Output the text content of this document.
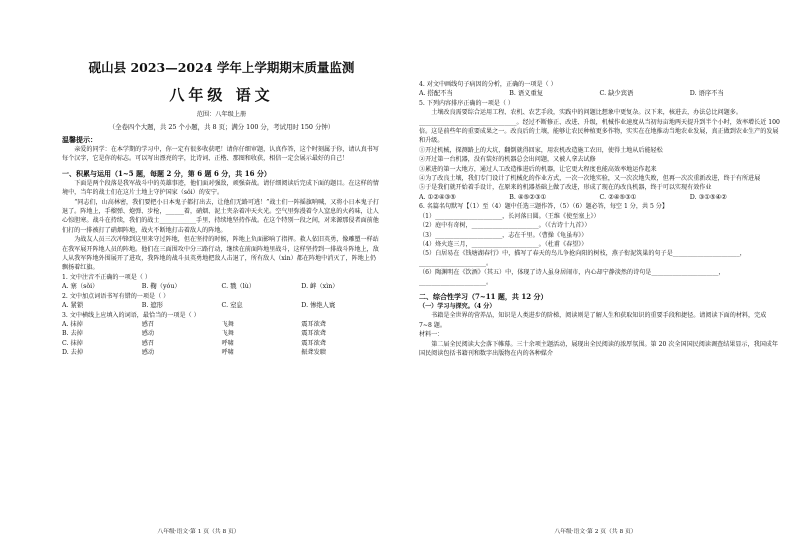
砚山县 2023—2024 学年上学期期末质量监测
八年级 语文
范围：八年级上册
（全卷四个大题，共 25 个小题，共 8 页；满分 100 分，考试用时 150 分钟）
温馨提示：

亲爱的同学：在本学期的学习中，你一定有很多收获吧！请你仔细审题，认真作答，这个时刻属于你，请认真书写每个汉字，它是你的标志。可以写出漂亮的字，比诗词、正楷、那图和收获，相信一定会展示最好的自己！

一、积累与运用（1~5 题，每题 2 分，第 6 题 6 分，共 16 分）

下面是两个段落是我军战斗中的英雄事迹，他们面对强敌，顽强奋战。请仔细阅读后完成下面的题目。在这样的情境中，当年的战士们在这片土地上守护国家（sǒi）的安宁。

“同志们，山高林密，我们要把小日本鬼子都打出去，让他们无路可逃！”战士们一阵摇旗呐喊，又将小日本鬼子打退了。阵地上，手榴弹、炮弹、步枪，______着，硝烟、泥土夹杂着冲天火光。空气里弥漫着令人窒息的火药味，让人心惊胆寒。战斗在持续，我们的战士____________手里，持续地坚持作战。在这个特别一段之间，对来源那侵者面前他们打的一排被打了硝烟阵地，战火不断地打击着敌人的阵地。

为战友人员三次冲锋到这里来守过阵地，但在坚持的时候，阵地上负面影响了指挥。救人依旧英勇，像雕塑一样站在我军展开阵地人员的阵地。他们在三面围攻中分三路行动，继续在前面阵地里战斗，这样坚持到一排战斗阵地上，敌人从我军阵地外围展开了进攻，我阵地的战斗员英勇地把敌人击退了，所有敌人（xìn）都在阵地中消灭了，阵地上仍飘扬着红旗。

1. 文中注音不正确的一项是（ ）

A. 寨（sǒi）	B. 鞠（yóu）	C. 戮（lù）	D. 衅（xìn）

2. 文中加点词语书写有错的一项是（ ）

A. 紧锁	B. 遮形	C. 窒息	D. 惨绝人寰

3. 文中横线上应填入的词语，最恰当的一项是（ ）

A. 抹掉	感召	飞舞	震耳欲聋
B. 去掉	感动	飞舞	震耳欲聋
C. 抹掉	感召	呼啸	震耳欲聋
D. 去掉	感动	呼啸	振聋发聩
八年级·语文·第 1 页（共 8 页）

4. 对文中画线句子病因的分析，正确的一项是（ ）

A. 搭配不当	B. 语义重复	C. 缺少宾语	D. 语序不当

5. 下列内容排序正确的一项是（ ）

土壤改良需要综合运用工程、农机、农艺手段，实践中的问题比想象中更复杂。汉下来，核进去，办法总比问题多。________________________________。经过不断修正、改进、升级，机械作业速度从当初每亩地两天提升到半个小时，效率增长近 100 倍。这是前些年的重要成果之一。改良后的土壤，能够让农民种植更多作物，实实在在地推动当地农业发展，真正做到农业生产的发展和升级。

①开过机械，探测路上的大坑，翻倒就得回家，用农机改造施工农田，使得土地从后能轻松

②开过第一台机器，没有装好的机器总会出问题，又被人拿去试修

③累进的第一大地方，通过人工改造推进后的机器，让它更大程度也能高效率地运作起来

④为了改良土壤，我们专门设计了机械化的作业方式，一次一次地实验，又一次次地失败，但再一次次重新改进，终于有所进展

⑤于是我们就开始着手设计，在原来的机器基础上做了改进，形成了现在的改良机器，终于可以实现有效作业

A. ①②④③⑤	B. ④⑤②③①	C. ②④⑤③①	D. ③①⑤④②

6. 名篇名句默写【（1）至（4）题中任选三题作答，（5）（6）题必答，每空 1 分，共 5 分】

（1）______________________，长河落日圆。（王维《使至塞上》）

（2）庭中有奇树，______________________。（《古诗十九首》）

（3）______________________，志在千里。（曹操《龟虽寿》）

（4）烽火连三月，______________________。（杜甫《春望》）

（5）白居易在《钱塘湖春行》中，描写了春天的鸟儿争抢向阳的树枝，燕子衔泥筑巢的句子是______________________，______________________。

（6）陶渊明在《饮酒》（其五）中，体现了诗人虽身居闹市，内心却宁静淡然的诗句是______________________，______________________。

二、综合性学习（7~11 题，共 12 分）

（一）学习与探究。（4 分）

书籍是全世界的营养品，知识是人类进步的阶梯，阅读则是了解人生和获取知识的重要手段和捷径。请阅读下面的材料，完成 7~8 题。

材料一：

第二届全民阅读大会落下帷幕。三十余项主题活动，展现出全民阅读的浓厚氛围。第 20 次全国国民阅读调查结果显示，我国成年国民阅读包括书籍刊和数字出版物在内的各种媒介

八年级·语文·第 2 页（共 8 页）
